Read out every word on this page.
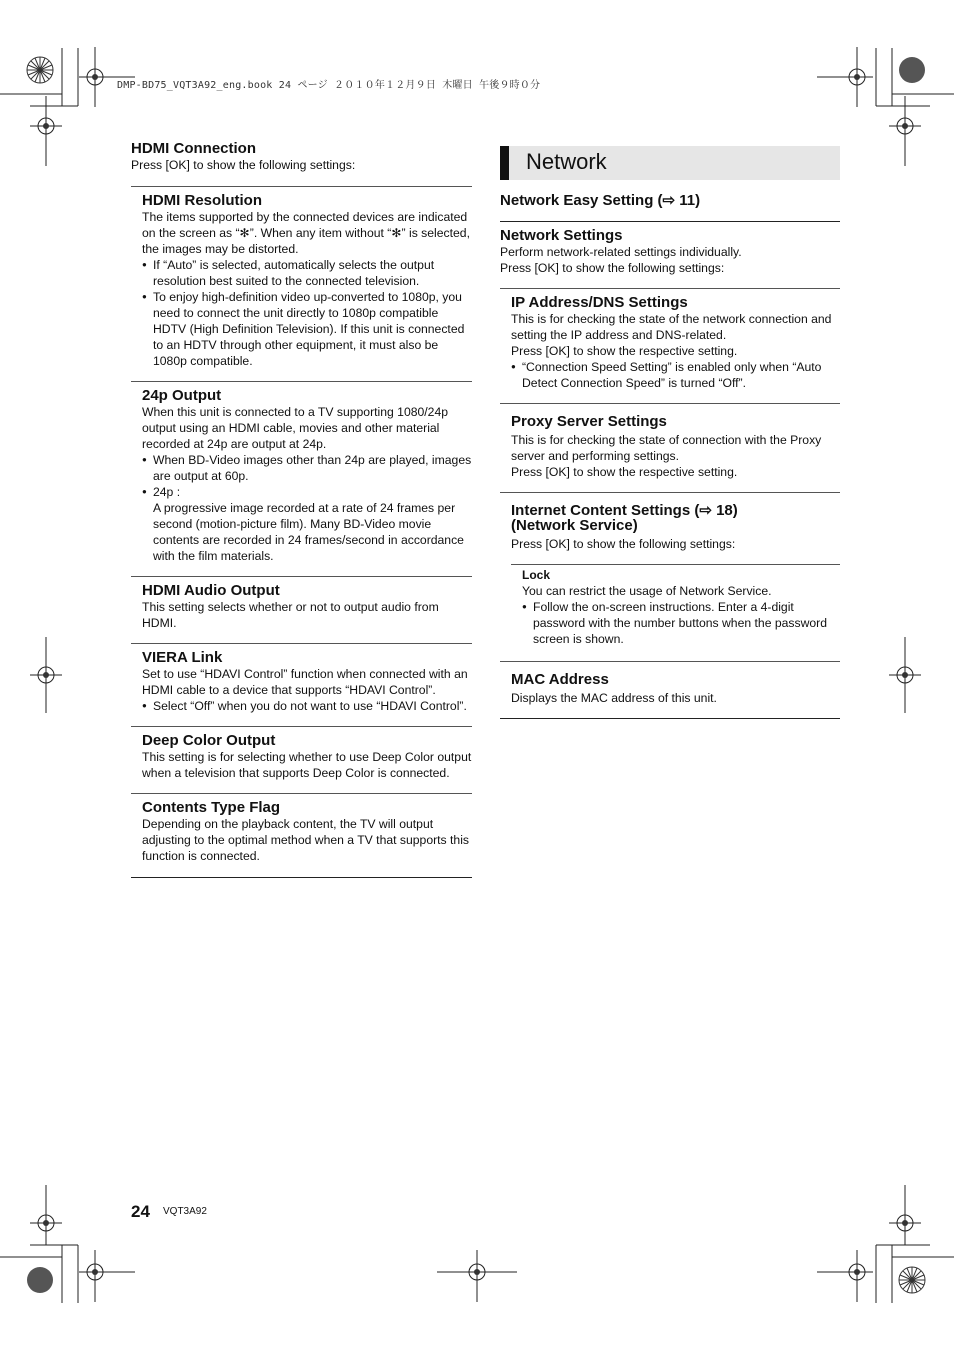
DMP-BD75_VQT3A92_eng.book 24 ページ ２０１０年１２月９日 木曜日 午後９時０分
HDMI Connection

Press [OK] to show the following settings:

HDMI Resolution

The items supported by the connected devices are indicated on the screen as “✻”. When any item without “✻” is selected, the images may be distorted.

● If “Auto” is selected, automatically selects the output resolution best suited to the connected television.
● To enjoy high-definition video up-converted to 1080p, you need to connect the unit directly to 1080p compatible HDTV (High Definition Television). If this unit is connected to an HDTV through other equipment, it must also be 1080p compatible.
24p Output

When this unit is connected to a TV supporting 1080/24p output using an HDMI cable, movies and other material recorded at 24p are output at 24p.

● When BD-Video images other than 24p are played, images are output at 60p.
● 24p :

A progressive image recorded at a rate of 24 frames per second (motion-picture film). Many BD-Video movie contents are recorded in 24 frames/second in accordance with the film materials.

HDMI Audio Output

This setting selects whether or not to output audio from HDMI.

VIERA Link

Set to use “HDAVI Control” function when connected with an HDMI cable to a device that supports “HDAVI Control”.

● Select “Off” when you do not want to use “HDAVI Control”.
Deep Color Output

This setting is for selecting whether to use Deep Color output when a television that supports Deep Color is connected.

Contents Type Flag

Depending on the playback content, the TV will output adjusting to the optimal method when a TV that supports this function is connected.

Network
Network Easy Setting (⇨ 11)
Network Settings

Perform network-related settings individually.

Press [OK] to show the following settings:

IP Address/DNS Settings

This is for checking the state of the network connection and setting the IP address and DNS-related.

Press [OK] to show the respective setting.

● “Connection Speed Setting” is enabled only when “Auto Detect Connection Speed” is turned “Off”.
Proxy Server Settings

This is for checking the state of connection with the Proxy server and performing settings.

Press [OK] to show the respective setting.

Internet Content Settings (⇨ 18)
(Network Service)

Press [OK] to show the following settings:

Lock

You can restrict the usage of Network Service.

● Follow the on-screen instructions. Enter a 4-digit password with the number buttons when the password screen is shown.
MAC Address

Displays the MAC address of this unit.

24 VQT3A92
